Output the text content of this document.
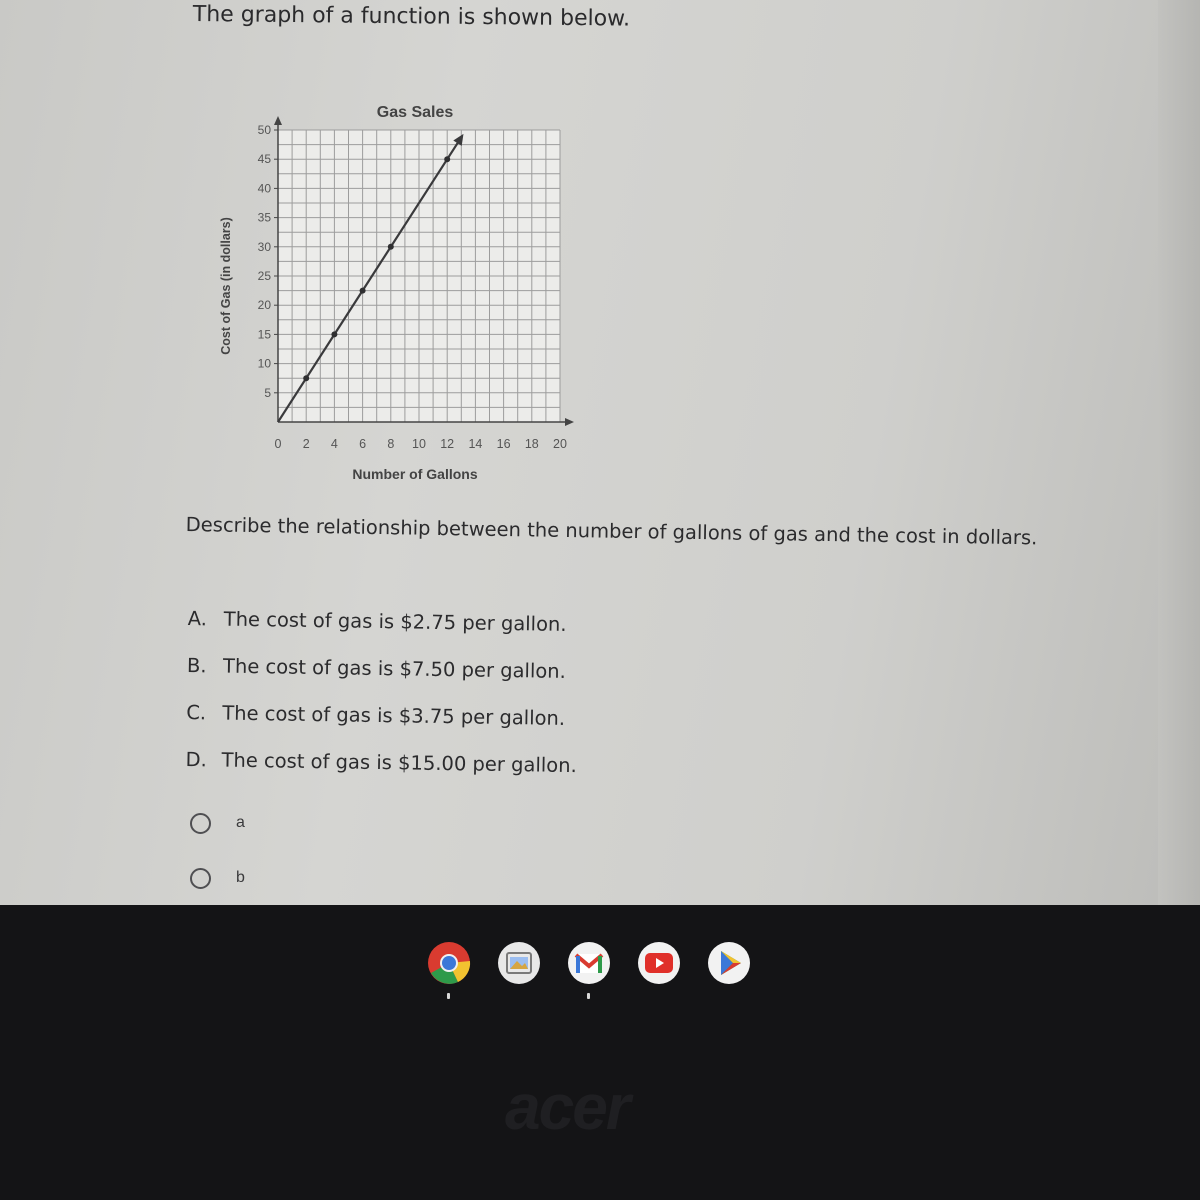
The graph of a function is shown below.
5
10
15
20
25
30
35
40
45
50
0 2 4 6 8 10 12 14 16 18 20
Gas Sales
Number of Gallons
Cost of Gas (in dollars)
Describe the relationship between the number of gallons of gas and the cost in dollars.
A. The cost of gas is $2.75 per gallon.
B. The cost of gas is $7.50 per gallon.
C. The cost of gas is $3.75 per gallon.
D. The cost of gas is $15.00 per gallon.
a
b
acer
